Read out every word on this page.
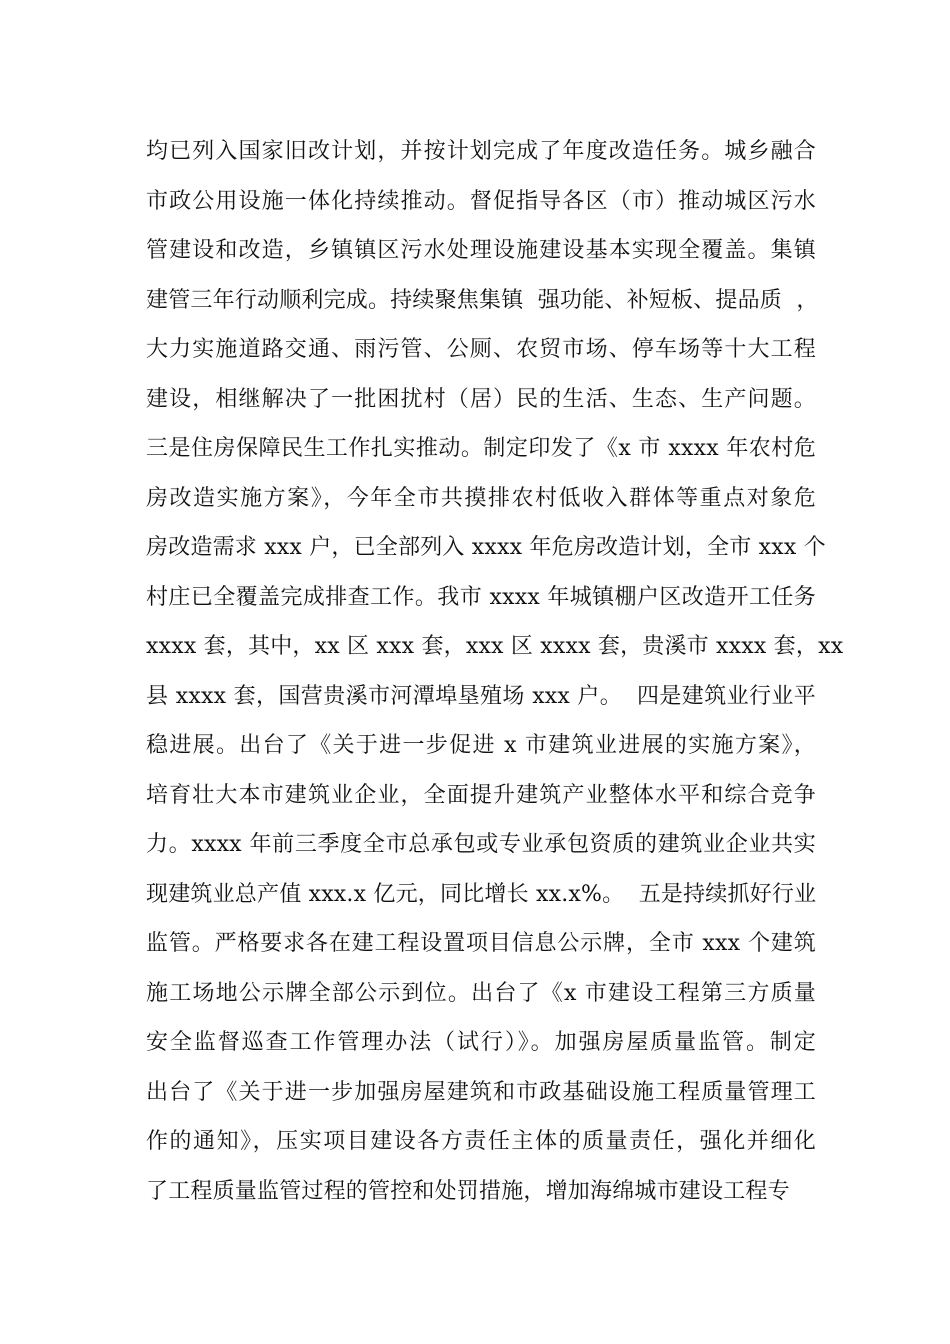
均已列入国家旧改计划，并按计划完成了年度改造任务。城乡融合
市政公用设施一体化持续推动。督促指导各区（市）推动城区污水
管建设和改造，乡镇镇区污水处理设施建设基本实现全覆盖。集镇
建管三年行动顺利完成。持续聚焦集镇  强功能、补短板、提品质  ，
大力实施道路交通、雨污管、公厕、农贸市场、停车场等十大工程
建设，相继解决了一批困扰村（居）民的生活、生态、生产问题。
三是住房保障民生工作扎实推动。制定印发了《x 市 xxxx 年农村危
房改造实施方案》，今年全市共摸排农村低收入群体等重点对象危
房改造需求 xxx 户，已全部列入 xxxx 年危房改造计划，全市 xxx 个
村庄已全覆盖完成排查工作。我市 xxxx 年城镇棚户区改造开工任务
xxxx 套，其中，xx 区 xxx 套，xxx 区 xxxx 套，贵溪市 xxxx 套，xx
县 xxxx 套，国营贵溪市河潭埠垦殖场 xxx 户。  四是建筑业行业平
稳进展。出台了《关于进一步促进 x 市建筑业进展的实施方案》，
培育壮大本市建筑业企业，全面提升建筑产业整体水平和综合竞争
力。xxxx 年前三季度全市总承包或专业承包资质的建筑业企业共实
现建筑业总产值 xxx.x 亿元，同比增长 xx.x%。  五是持续抓好行业
监管。严格要求各在建工程设置项目信息公示牌，全市 xxx 个建筑
施工场地公示牌全部公示到位。出台了《x 市建设工程第三方质量
安全监督巡查工作管理办法（试行）》。加强房屋质量监管。制定
出台了《关于进一步加强房屋建筑和市政基础设施工程质量管理工
作的通知》，压实项目建设各方责任主体的质量责任，强化并细化
了工程质量监管过程的管控和处罚措施，增加海绵城市建设工程专
